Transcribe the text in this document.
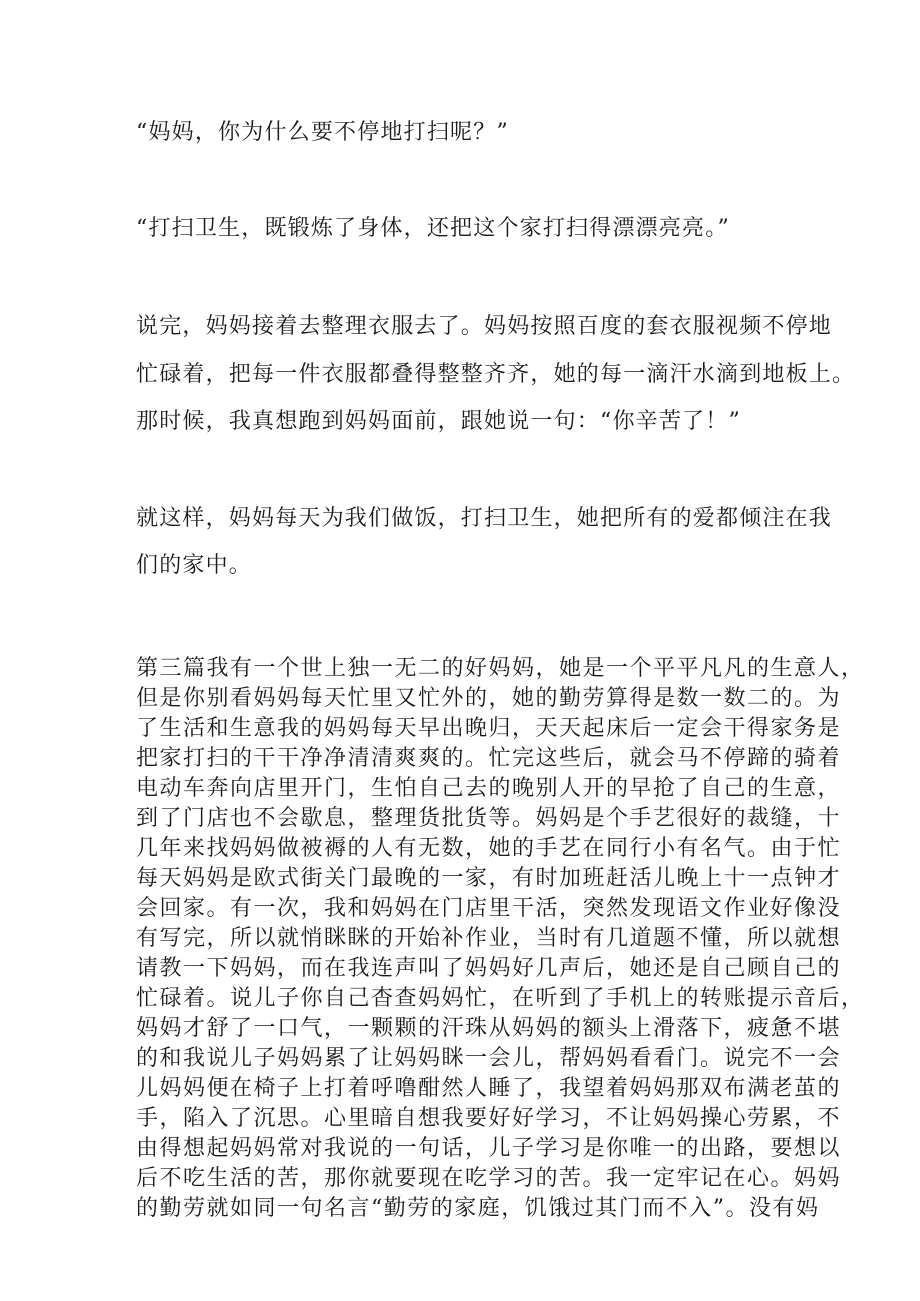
“妈妈，你为什么要不停地打扫呢？”
“打扫卫生，既锻炼了身体，还把这个家打扫得漂漂亮亮。”
说完，妈妈接着去整理衣服去了。妈妈按照百度的套衣服视频不停地
忙碌着，把每一件衣服都叠得整整齐齐，她的每一滴汗水滴到地板上。
那时候，我真想跑到妈妈面前，跟她说一句：“你辛苦了！”
就这样，妈妈每天为我们做饭，打扫卫生，她把所有的爱都倾注在我
们的家中。
第三篇我有一个世上独一无二的好妈妈，她是一个平平凡凡的生意人，
但是你别看妈妈每天忙里又忙外的，她的勤劳算得是数一数二的。为
了生活和生意我的妈妈每天早出晚归，天天起床后一定会干得家务是
把家打扫的干干净净清清爽爽的。忙完这些后，就会马不停蹄的骑着
电动车奔向店里开门，生怕自己去的晚别人开的早抢了自己的生意，
到了门店也不会歇息，整理货批货等。妈妈是个手艺很好的裁缝，十
几年来找妈妈做被褥的人有无数，她的手艺在同行小有名气。由于忙
每天妈妈是欧式街关门最晚的一家，有时加班赶活儿晚上十一点钟才
会回家。有一次，我和妈妈在门店里干活，突然发现语文作业好像没
有写完，所以就悄眯眯的开始补作业，当时有几道题不懂，所以就想
请教一下妈妈，而在我连声叫了妈妈好几声后，她还是自己顾自己的
忙碌着。说儿子你自己杳查妈妈忙，在听到了手机上的转账提示音后，
妈妈才舒了一口气，一颗颗的汗珠从妈妈的额头上滑落下，疲惫不堪
的和我说儿子妈妈累了让妈妈眯一会儿，帮妈妈看看门。说完不一会
儿妈妈便在椅子上打着呼噜酣然人睡了，我望着妈妈那双布满老茧的
手，陷入了沉思。心里暗自想我要好好学习，不让妈妈操心劳累，不
由得想起妈妈常对我说的一句话，儿子学习是你唯一的出路，要想以
后不吃生活的苦，那你就要现在吃学习的苦。我一定牢记在心。妈妈
的勤劳就如同一句名言“勤劳的家庭，饥饿过其门而不入”。没有妈
